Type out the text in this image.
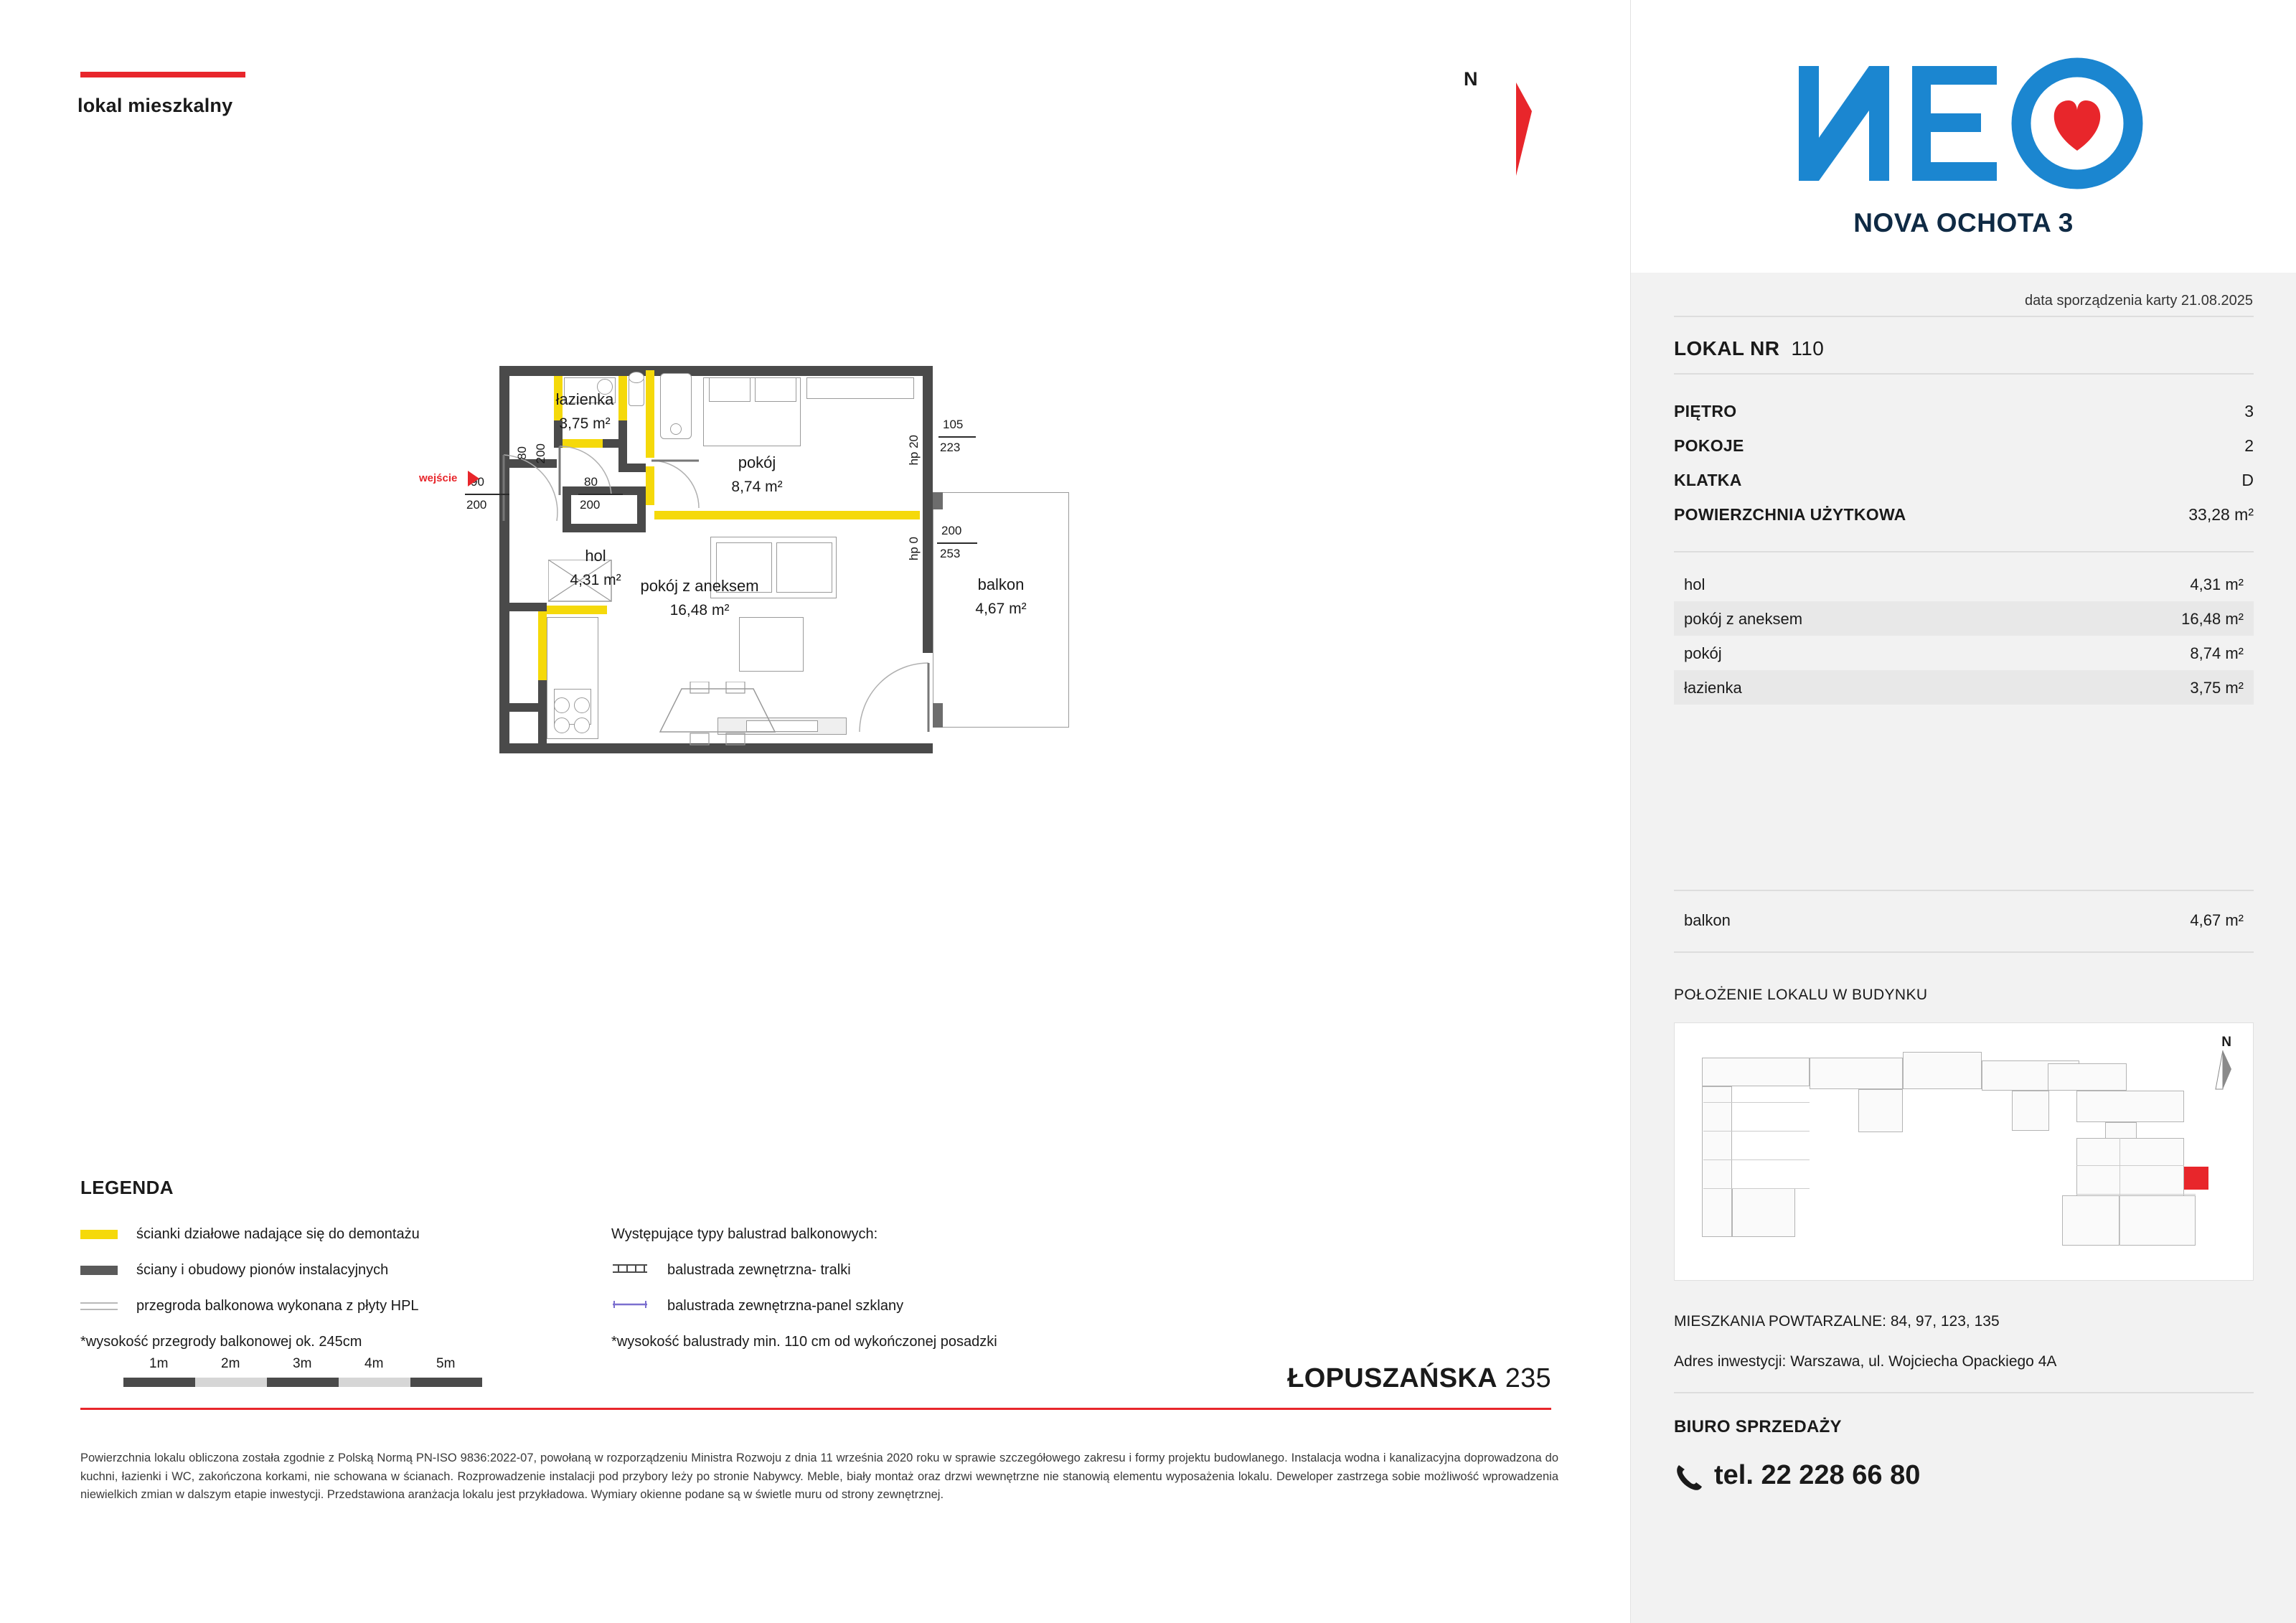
lokal mieszkalny
N
łazienka
3,75 m²
hol
4,31 m²
pokój
8,74 m²
pokój z aneksem
16,48 m²
balkon
4,67 m²
90
200
80 200
80
200
hp 20
105
223
hp 0
200
253
wejście
LEGENDA
ścianki działowe nadające się do demontażu
ściany i obudowy pionów instalacyjnych
przegroda balkonowa wykonana z płyty HPL
Występujące typy balustrad balkonowych:
balustrada zewnętrzna- tralki
balustrada zewnętrzna-panel szklany
*wysokość przegrody balkonowej ok. 245cm	*wysokość balustrady min. 110 cm od wykończonej posadzki
1m	2m	3m	4m	5m	ŁOPUSZAŃSKA 235
Powierzchnia lokalu obliczona została zgodnie z Polską Normą PN-ISO 9836:2022-07, powołaną w rozporządzeniu Ministra Rozwoju z dnia 11 września 2020 roku w sprawie szczegółowego zakresu i formy projektu budowlanego. Instalacja wodna i kanalizacyjna doprowadzona do kuchni, łazienki i WC, zakończona korkami, nie schowana w ścianach. Rozprowadzenie instalacji pod przybory leży po stronie Nabywcy. Meble, biały montaż oraz drzwi wewnętrzne nie stanowią elementu wyposażenia lokalu. Deweloper zastrzega sobie możliwość wprowadzenia niewielkich zmian w dalszym etapie inwestycji. Przedstawiona aranżacja lokalu jest przykładowa. Wymiary okienne podane są w świetle muru od strony zewnętrznej.
NOVA OCHOTA 3
data sporządzenia karty 21.08.2025
LOKAL NR 110
PIĘTRO	3
POKOJE	2
KLATKA	D
POWIERZCHNIA UŻYTKOWA	33,28 m²
hol	4,31 m²
pokój z aneksem	16,48 m²
pokój	8,74 m²
łazienka	3,75 m²
balkon	4,67 m²
POŁOŻENIE LOKALU W BUDYNKU
N
MIESZKANIA POWTARZALNE: 84, 97, 123, 135
Adres inwestycji: Warszawa, ul. Wojciecha Opackiego 4A
BIURO SPRZEDAŻY
tel. 22 228 66 80
